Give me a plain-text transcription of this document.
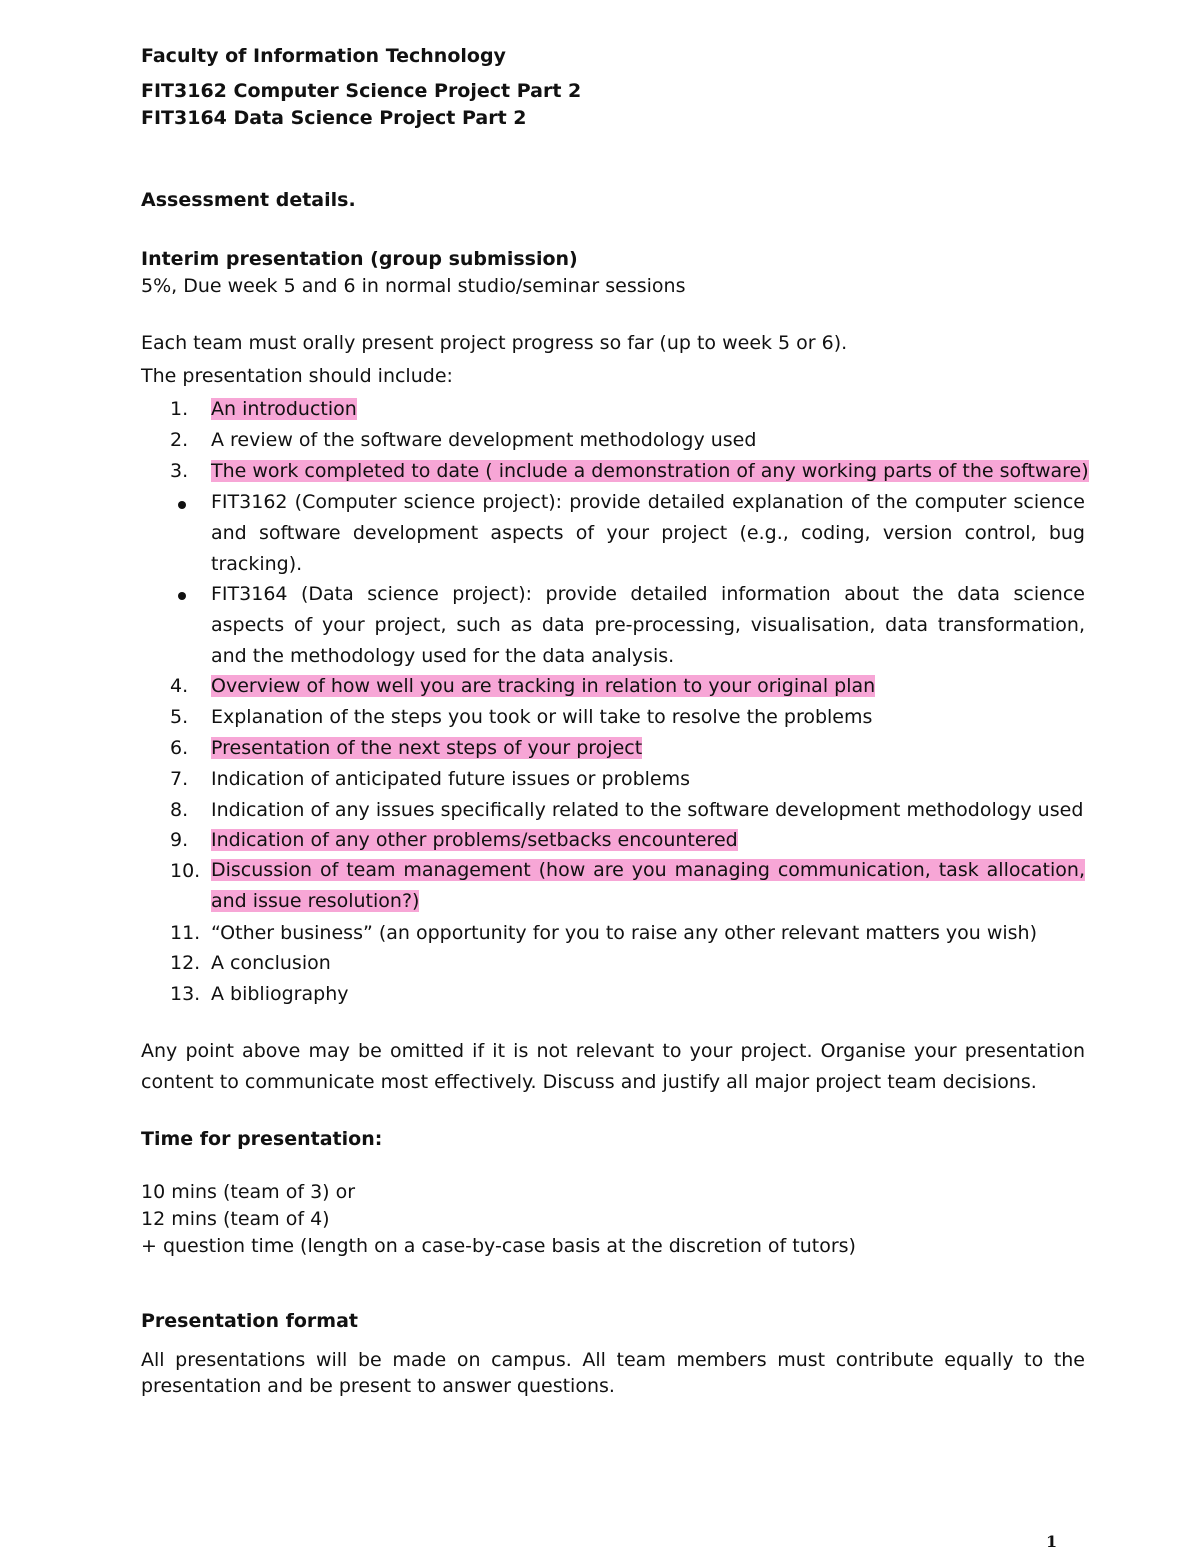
Faculty of Information Technology
FIT3162 Computer Science Project Part 2
FIT3164 Data Science Project Part 2
Assessment details.
Interim presentation (group submission)
5%, Due week 5 and 6 in normal studio/seminar sessions
Each team must orally present project progress so far (up to week 5 or 6).
The presentation should include:
1. An introduction
2. A review of the software development methodology used
3. The work completed to date ( include a demonstration of any working parts of the software)
FIT3162 (Computer science project): provide detailed explanation of the computer science and software development aspects of your project (e.g., coding, version control, bug tracking).
FIT3164 (Data science project): provide detailed information about the data science aspects of your project, such as data pre-processing, visualisation, data transformation, and the methodology used for the data analysis.
4. Overview of how well you are tracking in relation to your original plan
5. Explanation of the steps you took or will take to resolve the problems
6. Presentation of the next steps of your project
7. Indication of anticipated future issues or problems
8. Indication of any issues specifically related to the software development methodology used
9. Indication of any other problems/setbacks encountered
10. Discussion of team management (how are you managing communication, task allocation, and issue resolution?)
11. “Other business” (an opportunity for you to raise any other relevant matters you wish)
12. A conclusion
13. A bibliography
Any point above may be omitted if it is not relevant to your project. Organise your presentation content to communicate most effectively. Discuss and justify all major project team decisions.
Time for presentation:
10 mins (team of 3) or
12 mins (team of 4)
+ question time (length on a case-by-case basis at the discretion of tutors)
Presentation format
All presentations will be made on campus. All team members must contribute equally to the presentation and be present to answer questions.
1
